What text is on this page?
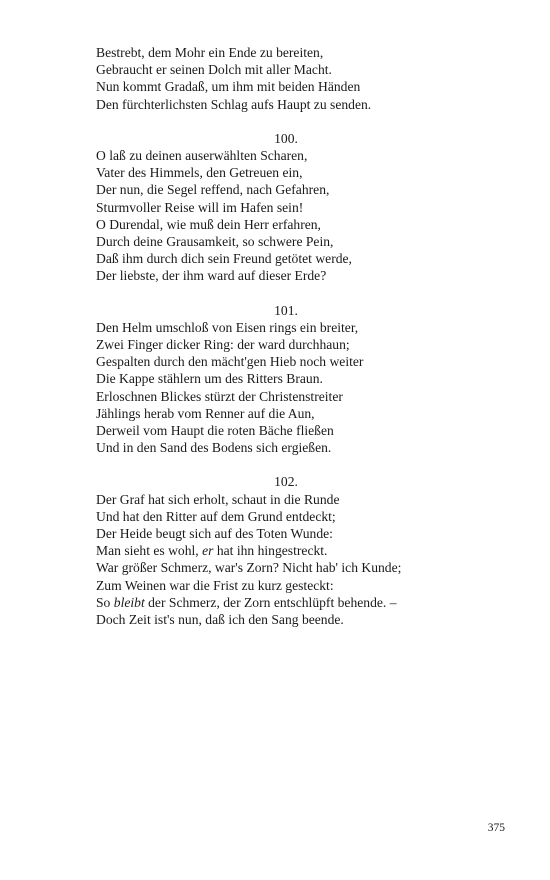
Bestrebt, dem Mohr ein Ende zu bereiten,
Gebraucht er seinen Dolch mit aller Macht.
Nun kommt Gradaß, um ihm mit beiden Händen
Den fürchterlichsten Schlag aufs Haupt zu senden.
100.
O laß zu deinen auserwählten Scharen,
Vater des Himmels, den Getreuen ein,
Der nun, die Segel reffend, nach Gefahren,
Sturmvoller Reise will im Hafen sein!
O Durendal, wie muß dein Herr erfahren,
Durch deine Grausamkeit, so schwere Pein,
Daß ihm durch dich sein Freund getötet werde,
Der liebste, der ihm ward auf dieser Erde?
101.
Den Helm umschloß von Eisen rings ein breiter,
Zwei Finger dicker Ring: der ward durchhaun;
Gespalten durch den mächt'gen Hieb noch weiter
Die Kappe stählern um des Ritters Braun.
Erloschnen Blickes stürzt der Christenstreiter
Jählings herab vom Renner auf die Aun,
Derweil vom Haupt die roten Bäche fließen
Und in den Sand des Bodens sich ergießen.
102.
Der Graf hat sich erholt, schaut in die Runde
Und hat den Ritter auf dem Grund entdeckt;
Der Heide beugt sich auf des Toten Wunde:
Man sieht es wohl, er hat ihn hingestreckt.
War größer Schmerz, war's Zorn? Nicht hab' ich Kunde;
Zum Weinen war die Frist zu kurz gesteckt:
So bleibt der Schmerz, der Zorn entschlüpft behende. –
Doch Zeit ist's nun, daß ich den Sang beende.
375
